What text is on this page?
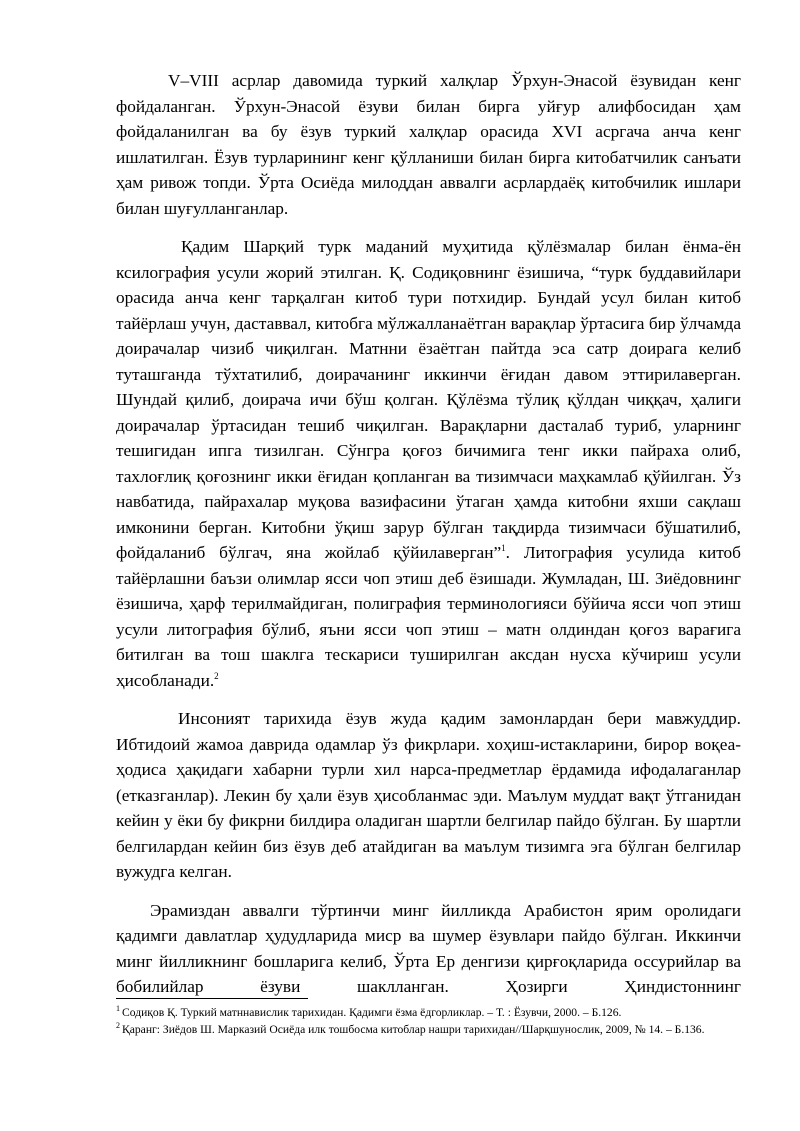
V–VIII асрлар давомида туркий халқлар Ўрхун-Энасой ёзувидан кенг фойдаланган. Ўрхун-Энасой ёзуви билан бирга уйғур алифбосидан ҳам фойдаланилган ва бу ёзув туркий халқлар орасида XVI асргача анча кенг ишлатилган. Ёзув турларининг кенг қўлланиши билан бирга китобатчилик санъати ҳам ривож топди. Ўрта Осиёда милоддан аввалги асрлардаёқ китобчилик ишлари билан шуғулланганлар.

Қадим Шарқий турк маданий муҳитида қўлёзмалар билан ёнма-ён ксилография усули жорий этилган. Қ. Содиқовнинг ёзишича, “турк буддавийлари орасида анча кенг тарқалган китоб тури потхидир. Бундай усул билан китоб тайёрлаш учун, даставвал, китобга мўлжалланаётган варақлар ўртасига бир ўлчамда доирачалар чизиб чиқилган. Матнни ёзаётган пайтда эса сатр доирага келиб туташганда тўхтатилиб, доирачанинг иккинчи ёғидан давом эттирилаверган. Шундай қилиб, доирача ичи бўш қолган. Қўлёзма тўлиқ қўлдан чиққач, ҳалиги доирачалар ўртасидан тешиб чиқилган. Варақларни дасталаб туриб, уларнинг тешигидан ипга тизилган. Сўнгра қоғоз бичимига тенг икки пайраха олиб, тахлоғлиқ қоғознинг икки ёғидан қопланган ва тизимчаси маҳкамлаб қўйилган. Ўз навбатида, пайрахалар муқова вазифасини ўтаган ҳамда китобни яхши сақлаш имконини берган. Китобни ўқиш зарур бўлган тақдирда тизимчаси бўшатилиб, фойдаланиб бўлгач, яна жойлаб қўйилаверган”$^1$. Литография усулида китоб тайёрлашни баъзи олимлар ясси чоп этиш деб ёзишади. Жумладан, Ш. Зиёдовнинг ёзишича, ҳарф терилмайдиган, полиграфия терминологияси бўйича ясси чоп этиш усули литография бўлиб, яъни ясси чоп этиш – матн олдиндан қоғоз варағига битилган ва тош шаклга тескариси туширилган аксдан нусха кўчириш усули ҳисобланади.$^2$

Инсоният тарихида ёзув жуда қадим замонлардан бери мавжуддир. Ибтидоий жамоа даврида одамлар ўз фикрлари. хоҳиш-истакларини, бирор воқеа-ҳодиса ҳақидаги хабарни турли хил нарса-предметлар ёрдамида ифодалаганлар (етказганлар). Лекин бу ҳали ёзув ҳисобланмас эди. Маълум муддат вақт ўтганидан кейин у ёки бу фикрни билдира оладиган шартли белгилар пайдо бўлган. Бу шартли белгилардан кейин биз ёзув деб атайдиган ва маълум тизимга эга бўлган белгилар вужудга келган.

Эрамиздан аввалги тўртинчи минг йилликда Арабистон ярим оролидаги қадимги давлатлар ҳудудларида миср ва шумер ёзувлари пайдо бўлган. Иккинчи минг йилликнинг бошларига келиб, Ўрта Ер денгизи қирғоқларида оссурийлар ва бобилийлар ёзуви шаклланган. Ҳозирги Ҳиндистоннинг

$^1$ Содиқов Қ. Туркий матннавислик тарихидан. Қадимги ёзма ёдгорликлар. – Т. : Ёзувчи, 2000. – Б.126.

$^2$ Қаранг: Зиёдов Ш. Марказий Осиёда илк тошбосма китоблар нашри тарихидан//Шарқшунослик, 2009, № 14. – Б.136.
